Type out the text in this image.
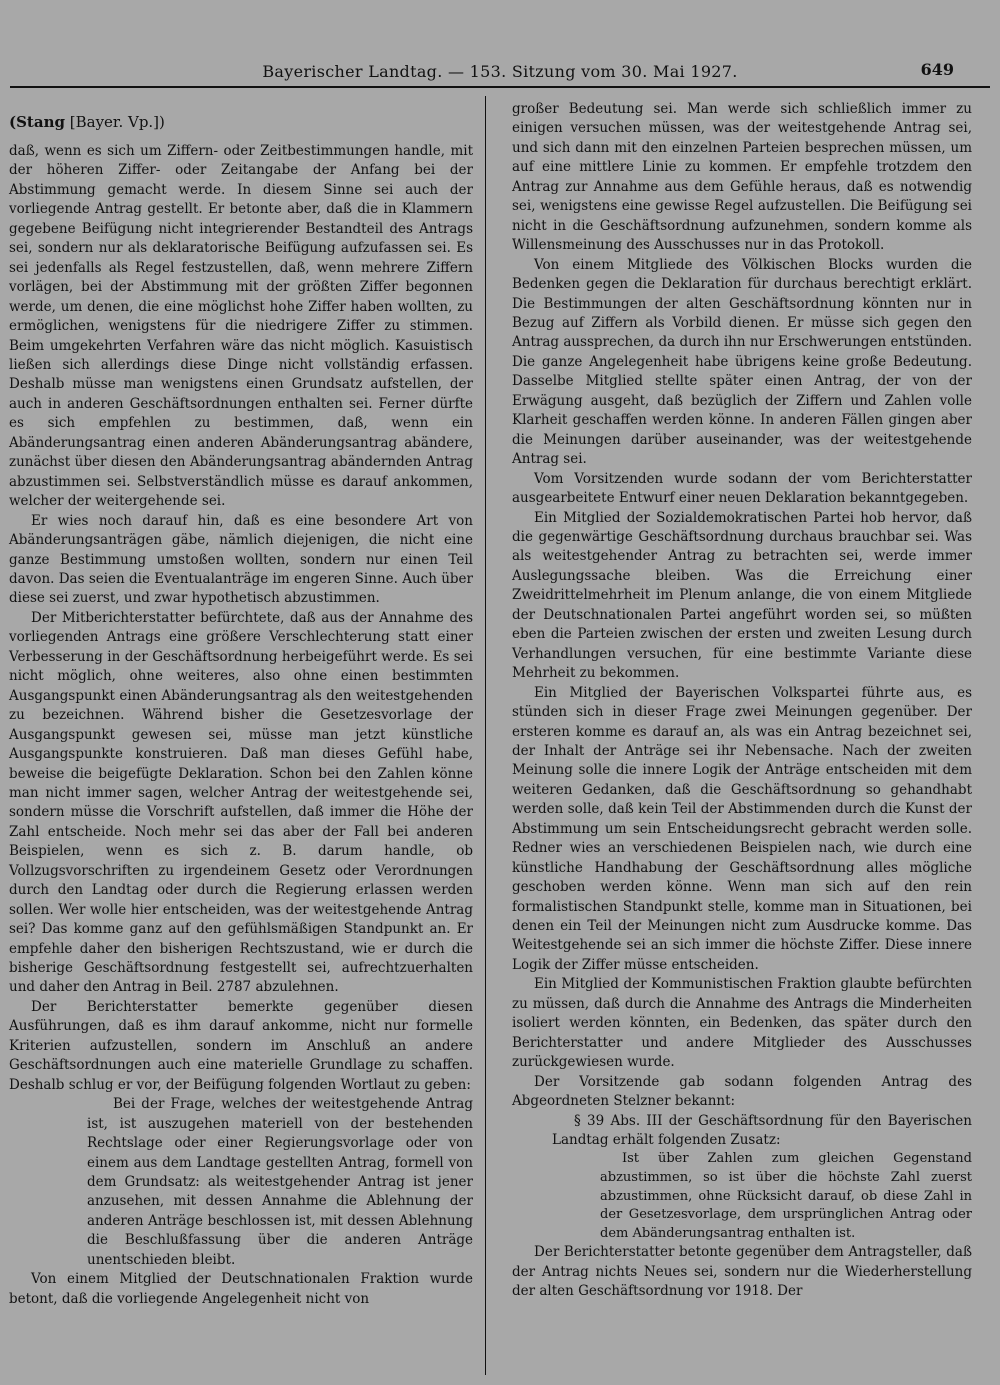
Bayerischer Landtag. — 153. Sitzung vom 30. Mai 1927.	649

(Stang [Bayer. Vp.])

daß, wenn es sich um Ziffern- oder Zeitbestimmungen handle, mit der höheren Ziffer- oder Zeitangabe der Anfang bei der Abstimmung gemacht werde. In diesem Sinne sei auch der vorliegende Antrag gestellt. Er betonte aber, daß die in Klammern gegebene Beifügung nicht integrierender Bestandteil des Antrags sei, sondern nur als deklaratorische Beifügung aufzufassen sei. Es sei jedenfalls als Regel festzustellen, daß, wenn mehrere Ziffern vorlägen, bei der Abstimmung mit der größten Ziffer begonnen werde, um denen, die eine möglichst hohe Ziffer haben wollten, zu ermöglichen, wenigstens für die niedrigere Ziffer zu stimmen. Beim umgekehrten Verfahren wäre das nicht möglich. Kasuistisch ließen sich allerdings diese Dinge nicht vollständig erfassen. Deshalb müsse man wenigstens einen Grundsatz aufstellen, der auch in anderen Geschäftsordnungen enthalten sei. Ferner dürfte es sich empfehlen zu bestimmen, daß, wenn ein Abänderungsantrag einen anderen Abänderungsantrag abändere, zunächst über diesen den Abänderungsantrag abändernden Antrag abzustimmen sei. Selbstverständlich müsse es darauf ankommen, welcher der weitergehende sei.

Er wies noch darauf hin, daß es eine besondere Art von Abänderungsanträgen gäbe, nämlich diejenigen, die nicht eine ganze Bestimmung umstoßen wollten, sondern nur einen Teil davon. Das seien die Eventualanträge im engeren Sinne. Auch über diese sei zuerst, und zwar hypothetisch abzustimmen.

Der Mitberichterstatter befürchtete, daß aus der Annahme des vorliegenden Antrags eine größere Verschlechterung statt einer Verbesserung in der Geschäftsordnung herbeigeführt werde. Es sei nicht möglich, ohne weiteres, also ohne einen bestimmten Ausgangspunkt einen Abänderungsantrag als den weitestgehenden zu bezeichnen. Während bisher die Gesetzesvorlage der Ausgangspunkt gewesen sei, müsse man jetzt künstliche Ausgangspunkte konstruieren. Daß man dieses Gefühl habe, beweise die beigefügte Deklaration. Schon bei den Zahlen könne man nicht immer sagen, welcher Antrag der weitestgehende sei, sondern müsse die Vorschrift aufstellen, daß immer die Höhe der Zahl entscheide. Noch mehr sei das aber der Fall bei anderen Beispielen, wenn es sich z. B. darum handle, ob Vollzugsvorschriften zu irgendeinem Gesetz oder Verordnungen durch den Landtag oder durch die Regierung erlassen werden sollen. Wer wolle hier entscheiden, was der weitestgehende Antrag sei? Das komme ganz auf den gefühlsmäßigen Standpunkt an. Er empfehle daher den bisherigen Rechtszustand, wie er durch die bisherige Geschäftsordnung festgestellt sei, aufrechtzuerhalten und daher den Antrag in Beil. 2787 abzulehnen.

Der Berichterstatter bemerkte gegenüber diesen Ausführungen, daß es ihm darauf ankomme, nicht nur formelle Kriterien aufzustellen, sondern im Anschluß an andere Geschäftsordnungen auch eine materielle Grundlage zu schaffen. Deshalb schlug er vor, der Beifügung folgenden Wortlaut zu geben:

Bei der Frage, welches der weitestgehende Antrag ist, ist auszugehen materiell von der bestehenden Rechtslage oder einer Regierungsvorlage oder von einem aus dem Landtage gestellten Antrag, formell von dem Grundsatz: als weitestgehender Antrag ist jener anzusehen, mit dessen Annahme die Ablehnung der anderen Anträge beschlossen ist, mit dessen Ablehnung die Beschlußfassung über die anderen Anträge unentschieden bleibt.

Von einem Mitglied der Deutschnationalen Fraktion wurde betont, daß die vorliegende Angelegenheit nicht von

großer Bedeutung sei. Man werde sich schließlich immer zu einigen versuchen müssen, was der weitestgehende Antrag sei, und sich dann mit den einzelnen Parteien besprechen müssen, um auf eine mittlere Linie zu kommen. Er empfehle trotzdem den Antrag zur Annahme aus dem Gefühle heraus, daß es notwendig sei, wenigstens eine gewisse Regel aufzustellen. Die Beifügung sei nicht in die Geschäftsordnung aufzunehmen, sondern komme als Willensmeinung des Ausschusses nur in das Protokoll.

Von einem Mitgliede des Völkischen Blocks wurden die Bedenken gegen die Deklaration für durchaus berechtigt erklärt. Die Bestimmungen der alten Geschäftsordnung könnten nur in Bezug auf Ziffern als Vorbild dienen. Er müsse sich gegen den Antrag aussprechen, da durch ihn nur Erschwerungen entstünden. Die ganze Angelegenheit habe übrigens keine große Bedeutung. Dasselbe Mitglied stellte später einen Antrag, der von der Erwägung ausgeht, daß bezüglich der Ziffern und Zahlen volle Klarheit geschaffen werden könne. In anderen Fällen gingen aber die Meinungen darüber auseinander, was der weitestgehende Antrag sei.

Vom Vorsitzenden wurde sodann der vom Berichterstatter ausgearbeitete Entwurf einer neuen Deklaration bekanntgegeben.

Ein Mitglied der Sozialdemokratischen Partei hob hervor, daß die gegenwärtige Geschäftsordnung durchaus brauchbar sei. Was als weitestgehender Antrag zu betrachten sei, werde immer Auslegungssache bleiben. Was die Erreichung einer Zweidrittelmehrheit im Plenum anlange, die von einem Mitgliede der Deutschnationalen Partei angeführt worden sei, so müßten eben die Parteien zwischen der ersten und zweiten Lesung durch Verhandlungen versuchen, für eine bestimmte Variante diese Mehrheit zu bekommen.

Ein Mitglied der Bayerischen Volkspartei führte aus, es stünden sich in dieser Frage zwei Meinungen gegenüber. Der ersteren komme es darauf an, als was ein Antrag bezeichnet sei, der Inhalt der Anträge sei ihr Nebensache. Nach der zweiten Meinung solle die innere Logik der Anträge entscheiden mit dem weiteren Gedanken, daß die Geschäftsordnung so gehandhabt werden solle, daß kein Teil der Abstimmenden durch die Kunst der Abstimmung um sein Entscheidungsrecht gebracht werden solle. Redner wies an verschiedenen Beispielen nach, wie durch eine künstliche Handhabung der Geschäftsordnung alles mögliche geschoben werden könne. Wenn man sich auf den rein formalistischen Standpunkt stelle, komme man in Situationen, bei denen ein Teil der Meinungen nicht zum Ausdrucke komme. Das Weitestgehende sei an sich immer die höchste Ziffer. Diese innere Logik der Ziffer müsse entscheiden.

Ein Mitglied der Kommunistischen Fraktion glaubte befürchten zu müssen, daß durch die Annahme des Antrags die Minderheiten isoliert werden könnten, ein Bedenken, das später durch den Berichterstatter und andere Mitglieder des Ausschusses zurückgewiesen wurde.

Der Vorsitzende gab sodann folgenden Antrag des Abgeordneten Stelzner bekannt:

§ 39 Abs. III der Geschäftsordnung für den Bayerischen Landtag erhält folgenden Zusatz:

Ist über Zahlen zum gleichen Gegenstand abzustimmen, so ist über die höchste Zahl zuerst abzustimmen, ohne Rücksicht darauf, ob diese Zahl in der Gesetzesvorlage, dem ursprünglichen Antrag oder dem Abänderungsantrag enthalten ist.

Der Berichterstatter betonte gegenüber dem Antragsteller, daß der Antrag nichts Neues sei, sondern nur die Wiederherstellung der alten Geschäftsordnung vor 1918. Der
